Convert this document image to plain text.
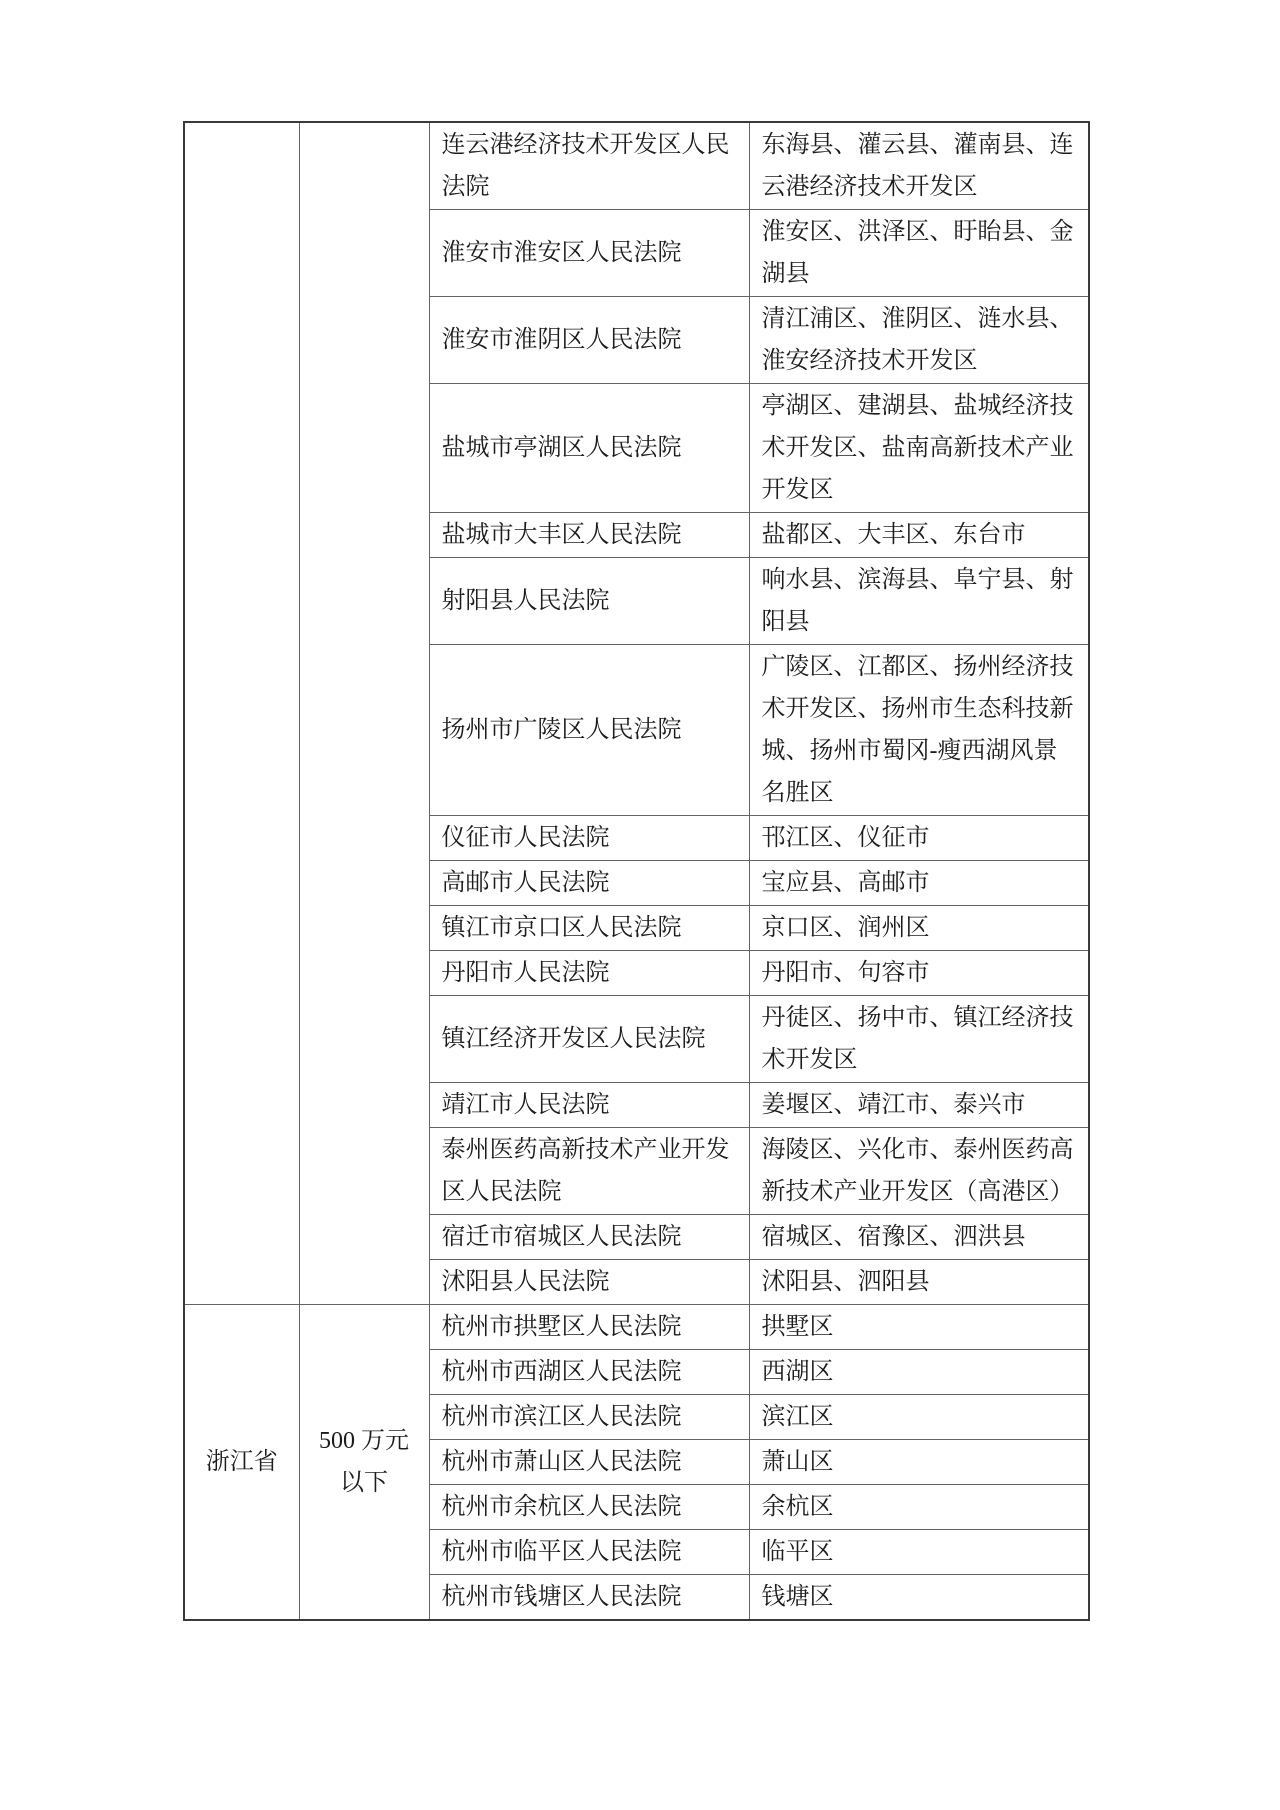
		连云港经济技术开发区人民法院	东海县、灌云县、灌南县、连云港经济技术开发区
		淮安市淮安区人民法院	淮安区、洪泽区、盱眙县、金湖县
		淮安市淮阴区人民法院	清江浦区、淮阴区、涟水县、淮安经济技术开发区
		盐城市亭湖区人民法院	亭湖区、建湖县、盐城经济技术开发区、盐南高新技术产业开发区
		盐城市大丰区人民法院	盐都区、大丰区、东台市
		射阳县人民法院	响水县、滨海县、阜宁县、射阳县
		扬州市广陵区人民法院	广陵区、江都区、扬州经济技术开发区、扬州市生态科技新城、扬州市蜀冈-瘦西湖风景名胜区
		仪征市人民法院	邗江区、仪征市
		高邮市人民法院	宝应县、高邮市
		镇江市京口区人民法院	京口区、润州区
		丹阳市人民法院	丹阳市、句容市
		镇江经济开发区人民法院	丹徒区、扬中市、镇江经济技术开发区
		靖江市人民法院	姜堰区、靖江市、泰兴市
		泰州医药高新技术产业开发区人民法院	海陵区、兴化市、泰州医药高新技术产业开发区（高港区）
		宿迁市宿城区人民法院	宿城区、宿豫区、泗洪县
		沭阳县人民法院	沭阳县、泗阳县
浙江省	500 万元以下	杭州市拱墅区人民法院	拱墅区
		杭州市西湖区人民法院	西湖区
		杭州市滨江区人民法院	滨江区
		杭州市萧山区人民法院	萧山区
		杭州市余杭区人民法院	余杭区
		杭州市临平区人民法院	临平区
		杭州市钱塘区人民法院	钱塘区
